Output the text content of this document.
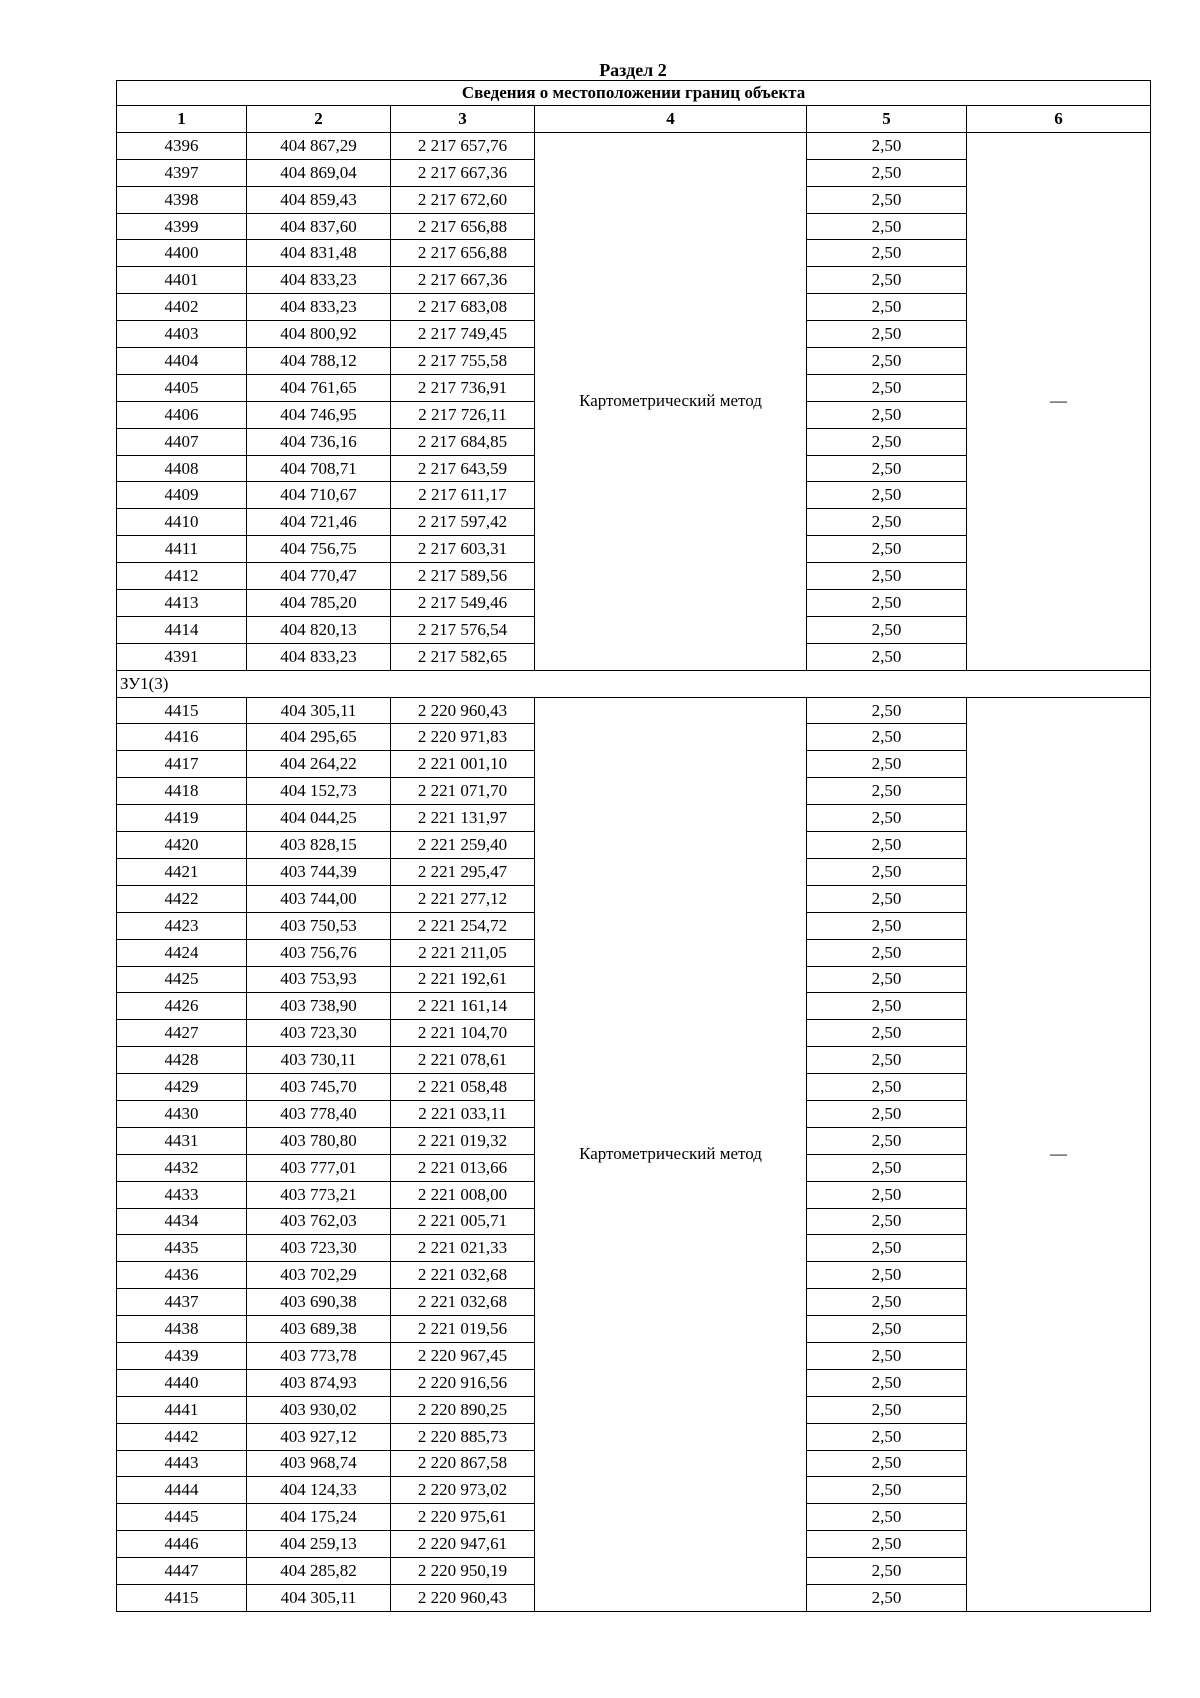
Раздел 2
Сведения о местоположении границ объекта					
1	2	3	4	5	6
4396	404 867,29	2 217 657,76	Картометрический метод	2,50	—
4397	404 869,04	2 217 667,36		2,50	
4398	404 859,43	2 217 672,60		2,50	
4399	404 837,60	2 217 656,88		2,50	
4400	404 831,48	2 217 656,88		2,50	
4401	404 833,23	2 217 667,36		2,50	
4402	404 833,23	2 217 683,08		2,50	
4403	404 800,92	2 217 749,45		2,50	
4404	404 788,12	2 217 755,58		2,50	
4405	404 761,65	2 217 736,91		2,50	
4406	404 746,95	2 217 726,11		2,50	
4407	404 736,16	2 217 684,85		2,50	
4408	404 708,71	2 217 643,59		2,50	
4409	404 710,67	2 217 611,17		2,50	
4410	404 721,46	2 217 597,42		2,50	
4411	404 756,75	2 217 603,31		2,50	
4412	404 770,47	2 217 589,56		2,50	
4413	404 785,20	2 217 549,46		2,50	
4414	404 820,13	2 217 576,54		2,50	
4391	404 833,23	2 217 582,65		2,50	
ЗУ1(3)					
4415	404 305,11	2 220 960,43	Картометрический метод	2,50	—
4416	404 295,65	2 220 971,83		2,50	
4417	404 264,22	2 221 001,10		2,50	
4418	404 152,73	2 221 071,70		2,50	
4419	404 044,25	2 221 131,97		2,50	
4420	403 828,15	2 221 259,40		2,50	
4421	403 744,39	2 221 295,47		2,50	
4422	403 744,00	2 221 277,12		2,50	
4423	403 750,53	2 221 254,72		2,50	
4424	403 756,76	2 221 211,05		2,50	
4425	403 753,93	2 221 192,61		2,50	
4426	403 738,90	2 221 161,14		2,50	
4427	403 723,30	2 221 104,70		2,50	
4428	403 730,11	2 221 078,61		2,50	
4429	403 745,70	2 221 058,48		2,50	
4430	403 778,40	2 221 033,11		2,50	
4431	403 780,80	2 221 019,32		2,50	
4432	403 777,01	2 221 013,66		2,50	
4433	403 773,21	2 221 008,00		2,50	
4434	403 762,03	2 221 005,71		2,50	
4435	403 723,30	2 221 021,33		2,50	
4436	403 702,29	2 221 032,68		2,50	
4437	403 690,38	2 221 032,68		2,50	
4438	403 689,38	2 221 019,56		2,50	
4439	403 773,78	2 220 967,45		2,50	
4440	403 874,93	2 220 916,56		2,50	
4441	403 930,02	2 220 890,25		2,50	
4442	403 927,12	2 220 885,73		2,50	
4443	403 968,74	2 220 867,58		2,50	
4444	404 124,33	2 220 973,02		2,50	
4445	404 175,24	2 220 975,61		2,50	
4446	404 259,13	2 220 947,61		2,50	
4447	404 285,82	2 220 950,19		2,50	
4415	404 305,11	2 220 960,43		2,50	
